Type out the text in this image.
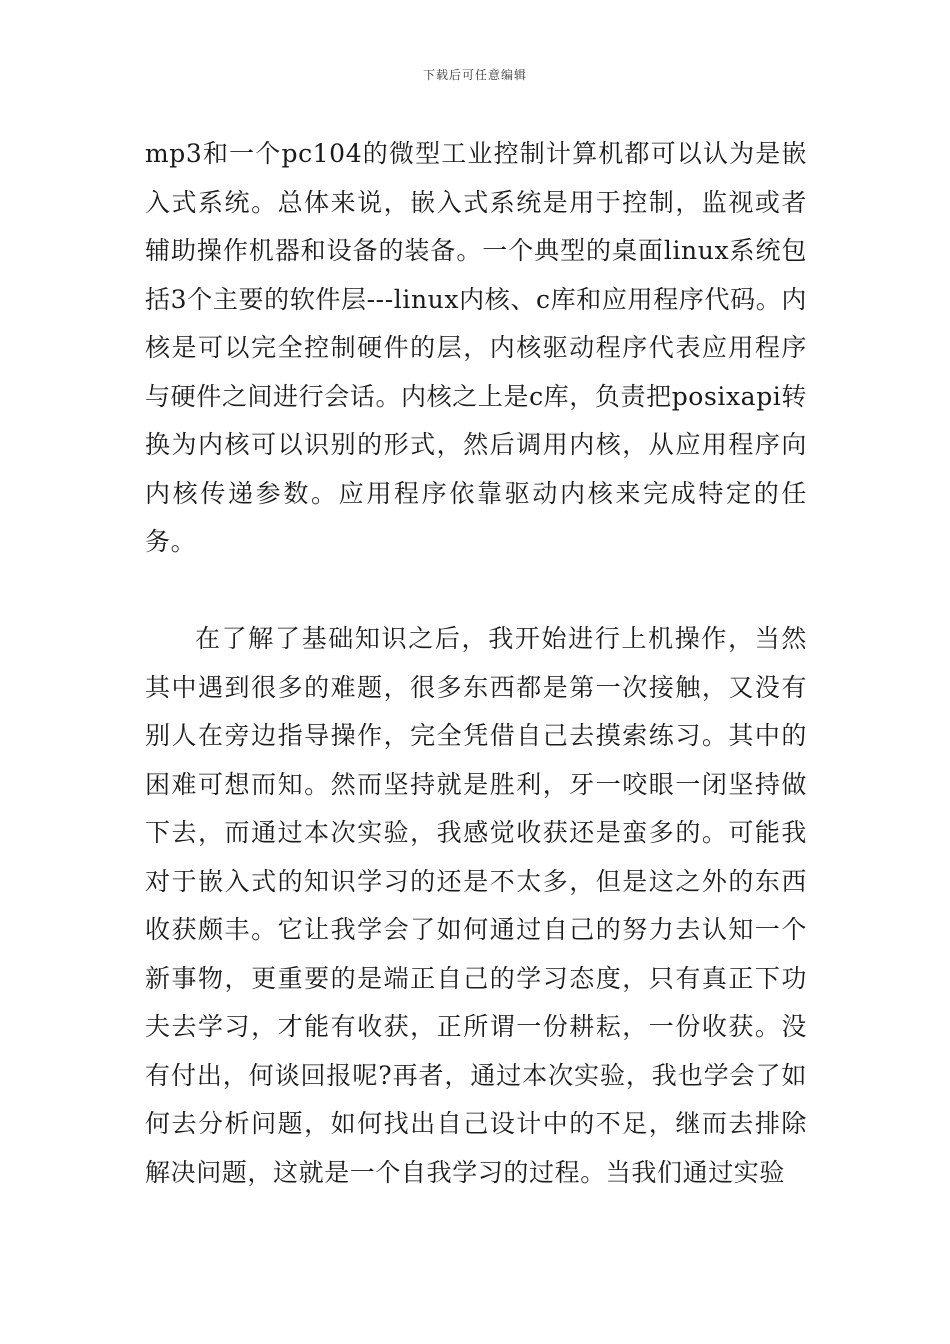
下载后可任意编辑

mp3和一个pc104的微型工业控制计算机都可以认为是嵌入式系统。总体来说，嵌入式系统是用于控制，监视或者辅助操作机器和设备的装备。一个典型的桌面linux系统包括3个主要的软件层---linux内核、c库和应用程序代码。内核是可以完全控制硬件的层，内核驱动程序代表应用程序与硬件之间进行会话。内核之上是c库，负责把posixapi转换为内核可以识别的形式，然后调用内核，从应用程序向内核传递参数。应用程序依靠驱动内核来完成特定的任务。

在了解了基础知识之后，我开始进行上机操作，当然其中遇到很多的难题，很多东西都是第一次接触，又没有别人在旁边指导操作，完全凭借自己去摸索练习。其中的困难可想而知。然而坚持就是胜利，牙一咬眼一闭坚持做下去，而通过本次实验，我感觉收获还是蛮多的。可能我对于嵌入式的知识学习的还是不太多，但是这之外的东西收获颇丰。它让我学会了如何通过自己的努力去认知一个新事物，更重要的是端正自己的学习态度，只有真正下功夫去学习，才能有收获，正所谓一份耕耘，一份收获。没有付出，何谈回报呢?再者，通过本次实验，我也学会了如何去分析问题，如何找出自己设计中的不足，继而去排除解决问题，这就是一个自我学习的过程。当我们通过实验
